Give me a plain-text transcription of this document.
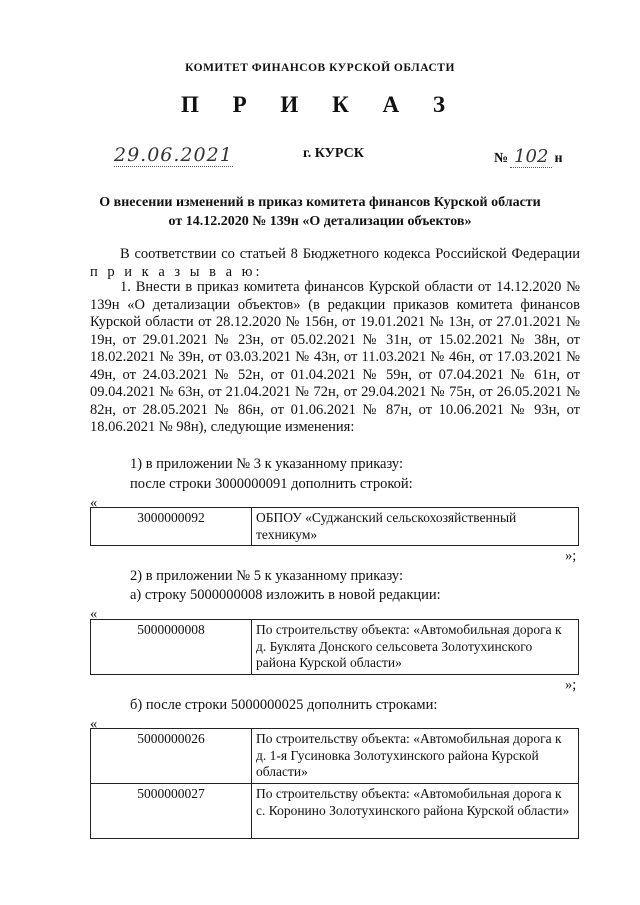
КОМИТЕТ ФИНАНСОВ КУРСКОЙ ОБЛАСТИ
П Р И К А З
29.06.2021	г. КУРСК	№ 102 н
О внесении изменений в приказ комитета финансов Курской области
от 14.12.2020 № 139н «О детализации объектов»
В соответствии со статьей 8 Бюджетного кодекса Российской Федерации п р и к а з ы в а ю:
1. Внести в приказ комитета финансов Курской области от 14.12.2020 № 139н «О детализации объектов» (в редакции приказов комитета финансов Курской области от 28.12.2020 № 156н, от 19.01.2021 № 13н, от 27.01.2021 № 19н, от 29.01.2021 № 23н, от 05.02.2021 № 31н, от 15.02.2021 № 38н, от 18.02.2021 № 39н, от 03.03.2021 № 43н, от 11.03.2021 № 46н, от 17.03.2021 № 49н, от 24.03.2021 № 52н, от 01.04.2021 № 59н, от 07.04.2021 № 61н, от 09.04.2021 № 63н, от 21.04.2021 № 72н, от 29.04.2021 № 75н, от 26.05.2021 № 82н, от 28.05.2021 № 86н, от 01.06.2021 № 87н, от 10.06.2021 № 93н, от 18.06.2021 № 98н), следующие изменения:
1) в приложении № 3 к указанному приказу:
после строки 3000000091 дополнить строкой:
«
3000000092	ОБПОУ «Суджанский сельскохозяйственный техникум»
»;
2) в приложении № 5 к указанному приказу:
а) строку 5000000008 изложить в новой редакции:
«
5000000008	По строительству объекта: «Автомобильная дорога к д. Буклята Донского сельсовета Золотухинского района Курской области»
»;
б) после строки 5000000025 дополнить строками:
«
5000000026	По строительству объекта: «Автомобильная дорога к д. 1-я Гусиновка Золотухинского района Курской области»
5000000027	По строительству объекта: «Автомобильная дорога к с. Коронино Золотухинского района Курской области»
